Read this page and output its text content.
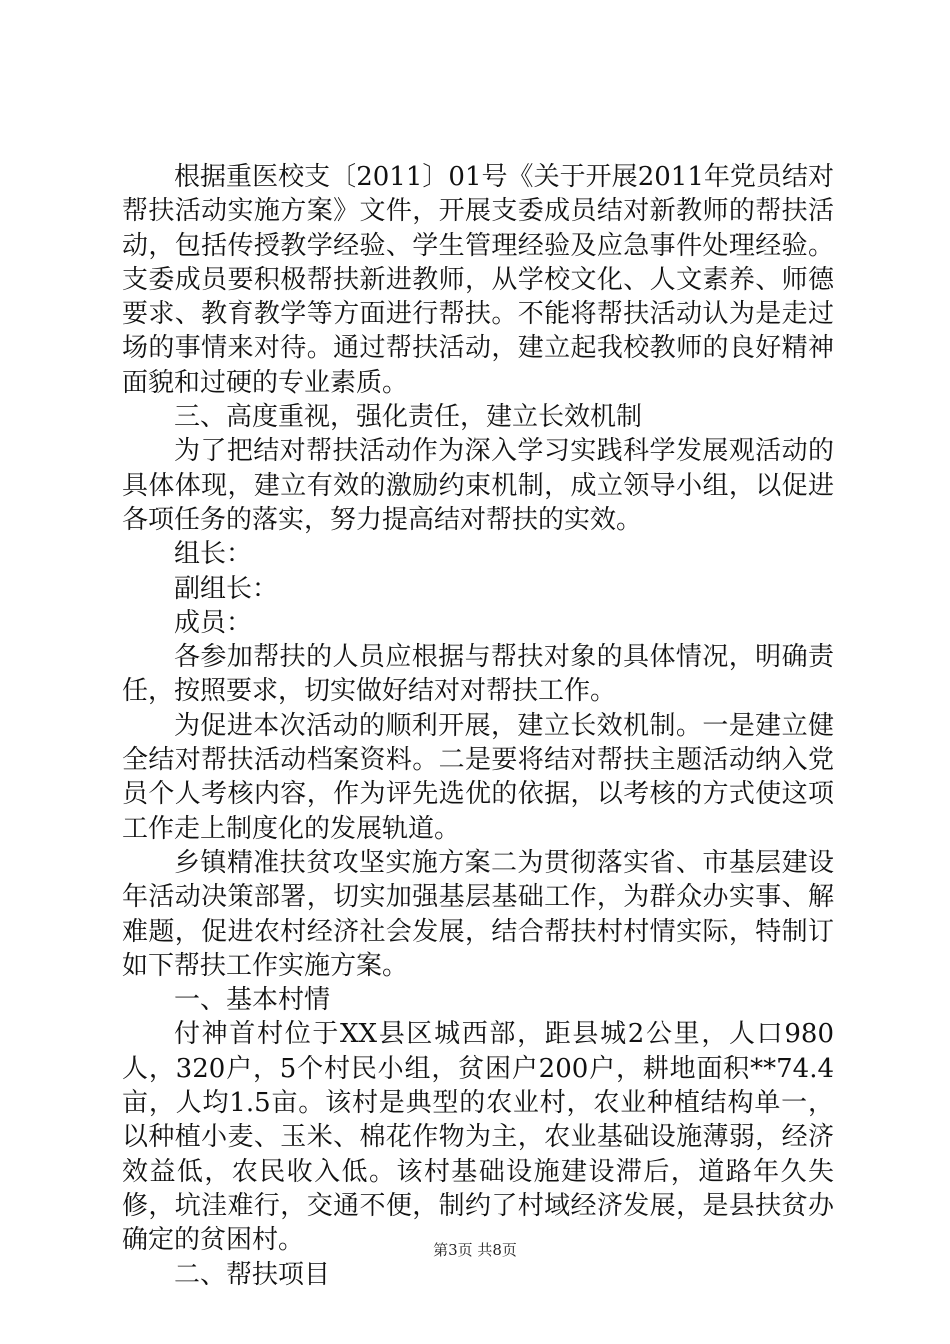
根据重医校支〔2011〕01号《关于开展2011年党员结对帮扶活动实施方案》文件，开展支委成员结对新教师的帮扶活动，包括传授教学经验、学生管理经验及应急事件处理经验。支委成员要积极帮扶新进教师，从学校文化、人文素养、师德要求、教育教学等方面进行帮扶。不能将帮扶活动认为是走过场的事情来对待。通过帮扶活动，建立起我校教师的良好精神面貌和过硬的专业素质。

三、高度重视，强化责任，建立长效机制

为了把结对帮扶活动作为深入学习实践科学发展观活动的具体体现，建立有效的激励约束机制，成立领导小组，以促进各项任务的落实，努力提高结对帮扶的实效。

组长：

副组长：

成员：

各参加帮扶的人员应根据与帮扶对象的具体情况，明确责任，按照要求，切实做好结对对帮扶工作。

为促进本次活动的顺利开展，建立长效机制。一是建立健全结对帮扶活动档案资料。二是要将结对帮扶主题活动纳入党员个人考核内容，作为评先选优的依据，以考核的方式使这项工作走上制度化的发展轨道。

乡镇精准扶贫攻坚实施方案二为贯彻落实省、市基层建设年活动决策部署，切实加强基层基础工作，为群众办实事、解难题，促进农村经济社会发展，结合帮扶村村情实际，特制订如下帮扶工作实施方案。

一、基本村情

付神首村位于XX县区城西部，距县城2公里，人口980人，320户，5个村民小组，贫困户200户，耕地面积**74.4亩，人均1.5亩。该村是典型的农业村，农业种植结构单一，以种植小麦、玉米、棉花作物为主，农业基础设施薄弱，经济效益低，农民收入低。该村基础设施建设滞后，道路年久失修，坑洼难行，交通不便，制约了村域经济发展，是县扶贫办确定的贫困村。

二、帮扶项目

第3页 共8页
